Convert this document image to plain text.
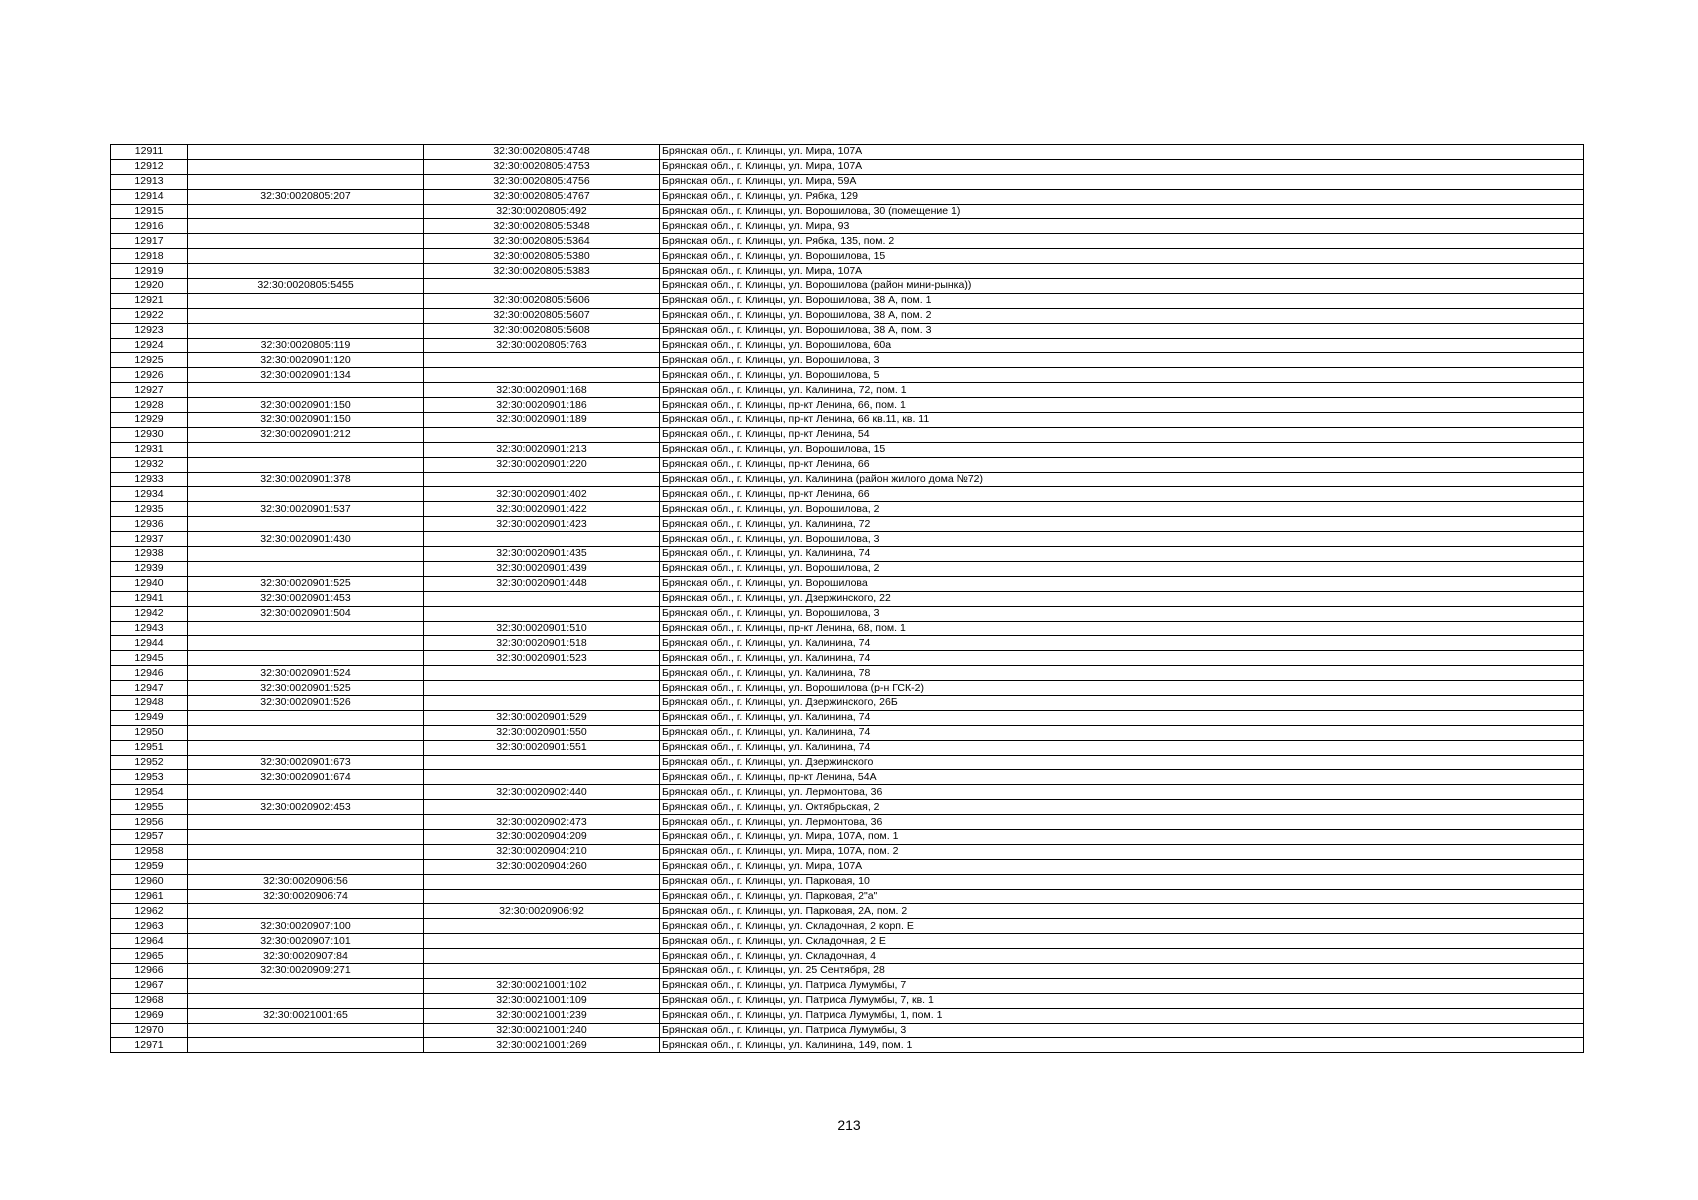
12911		32:30:0020805:4748	Брянская обл., г. Клинцы, ул. Мира, 107А
12912		32:30:0020805:4753	Брянская обл., г. Клинцы, ул. Мира, 107А
12913		32:30:0020805:4756	Брянская обл., г. Клинцы, ул. Мира, 59А
12914	32:30:0020805:207	32:30:0020805:4767	Брянская обл., г. Клинцы, ул. Рябка, 129
12915		32:30:0020805:492	Брянская обл., г. Клинцы, ул. Ворошилова, 30 (помещение 1)
12916		32:30:0020805:5348	Брянская обл., г. Клинцы, ул. Мира, 93
12917		32:30:0020805:5364	Брянская обл., г. Клинцы, ул. Рябка, 135, пом. 2
12918		32:30:0020805:5380	Брянская обл., г. Клинцы, ул. Ворошилова, 15
12919		32:30:0020805:5383	Брянская обл., г. Клинцы, ул. Мира, 107А
12920	32:30:0020805:5455		Брянская обл., г. Клинцы, ул. Ворошилова (район мини-рынка))
12921		32:30:0020805:5606	Брянская обл., г. Клинцы, ул. Ворошилова, 38 А, пом. 1
12922		32:30:0020805:5607	Брянская обл., г. Клинцы, ул. Ворошилова, 38 А, пом. 2
12923		32:30:0020805:5608	Брянская обл., г. Клинцы, ул. Ворошилова, 38 А, пом. 3
12924	32:30:0020805:119	32:30:0020805:763	Брянская обл., г. Клинцы, ул. Ворошилова, 60а
12925	32:30:0020901:120		Брянская обл., г. Клинцы, ул. Ворошилова, 3
12926	32:30:0020901:134		Брянская обл., г. Клинцы, ул. Ворошилова, 5
12927		32:30:0020901:168	Брянская обл., г. Клинцы, ул. Калинина, 72, пом. 1
12928	32:30:0020901:150	32:30:0020901:186	Брянская обл., г. Клинцы, пр-кт Ленина, 66, пом. 1
12929	32:30:0020901:150	32:30:0020901:189	Брянская обл., г. Клинцы, пр-кт Ленина, 66 кв.11, кв. 11
12930	32:30:0020901:212		Брянская обл., г. Клинцы, пр-кт Ленина, 54
12931		32:30:0020901:213	Брянская обл., г. Клинцы, ул. Ворошилова, 15
12932		32:30:0020901:220	Брянская обл., г. Клинцы, пр-кт Ленина, 66
12933	32:30:0020901:378		Брянская обл., г. Клинцы, ул. Калинина (район жилого дома №72)
12934		32:30:0020901:402	Брянская обл., г. Клинцы, пр-кт Ленина, 66
12935	32:30:0020901:537	32:30:0020901:422	Брянская обл., г. Клинцы, ул. Ворошилова, 2
12936		32:30:0020901:423	Брянская обл., г. Клинцы, ул. Калинина, 72
12937	32:30:0020901:430		Брянская обл., г. Клинцы, ул. Ворошилова, 3
12938		32:30:0020901:435	Брянская обл., г. Клинцы, ул. Калинина, 74
12939		32:30:0020901:439	Брянская обл., г. Клинцы, ул. Ворошилова, 2
12940	32:30:0020901:525	32:30:0020901:448	Брянская обл., г. Клинцы, ул. Ворошилова
12941	32:30:0020901:453		Брянская обл., г. Клинцы, ул. Дзержинского, 22
12942	32:30:0020901:504		Брянская обл., г. Клинцы, ул. Ворошилова, 3
12943		32:30:0020901:510	Брянская обл., г. Клинцы, пр-кт Ленина, 68, пом. 1
12944		32:30:0020901:518	Брянская обл., г. Клинцы, ул. Калинина, 74
12945		32:30:0020901:523	Брянская обл., г. Клинцы, ул. Калинина, 74
12946	32:30:0020901:524		Брянская обл., г. Клинцы, ул. Калинина, 78
12947	32:30:0020901:525		Брянская обл., г. Клинцы, ул. Ворошилова (р-н ГСК-2)
12948	32:30:0020901:526		Брянская обл., г. Клинцы, ул. Дзержинского, 26Б
12949		32:30:0020901:529	Брянская обл., г. Клинцы, ул. Калинина, 74
12950		32:30:0020901:550	Брянская обл., г. Клинцы, ул. Калинина, 74
12951		32:30:0020901:551	Брянская обл., г. Клинцы, ул. Калинина, 74
12952	32:30:0020901:673		Брянская обл., г. Клинцы, ул. Дзержинского
12953	32:30:0020901:674		Брянская обл., г. Клинцы, пр-кт Ленина, 54А
12954		32:30:0020902:440	Брянская обл., г. Клинцы, ул. Лермонтова, 36
12955	32:30:0020902:453		Брянская обл., г. Клинцы, ул. Октябрьская, 2
12956		32:30:0020902:473	Брянская обл., г. Клинцы, ул. Лермонтова, 36
12957		32:30:0020904:209	Брянская обл., г. Клинцы, ул. Мира, 107А, пом. 1
12958		32:30:0020904:210	Брянская обл., г. Клинцы, ул. Мира, 107А, пом. 2
12959		32:30:0020904:260	Брянская обл., г. Клинцы, ул. Мира, 107А
12960	32:30:0020906:56		Брянская обл., г. Клинцы, ул. Парковая, 10
12961	32:30:0020906:74		Брянская обл., г. Клинцы, ул. Парковая, 2"а"
12962		32:30:0020906:92	Брянская обл., г. Клинцы, ул. Парковая, 2А, пом. 2
12963	32:30:0020907:100		Брянская обл., г. Клинцы, ул. Складочная, 2 корп. Е
12964	32:30:0020907:101		Брянская обл., г. Клинцы, ул. Складочная, 2 Е
12965	32:30:0020907:84		Брянская обл., г. Клинцы, ул. Складочная, 4
12966	32:30:0020909:271		Брянская обл., г. Клинцы, ул. 25 Сентября, 28
12967		32:30:0021001:102	Брянская обл., г. Клинцы, ул. Патриса Лумумбы, 7
12968		32:30:0021001:109	Брянская обл., г. Клинцы, ул. Патриса Лумумбы, 7, кв. 1
12969	32:30:0021001:65	32:30:0021001:239	Брянская обл., г. Клинцы, ул. Патриса Лумумбы, 1, пом. 1
12970		32:30:0021001:240	Брянская обл., г. Клинцы, ул. Патриса Лумумбы, 3
12971		32:30:0021001:269	Брянская обл., г. Клинцы, ул. Калинина, 149, пом. 1
213
